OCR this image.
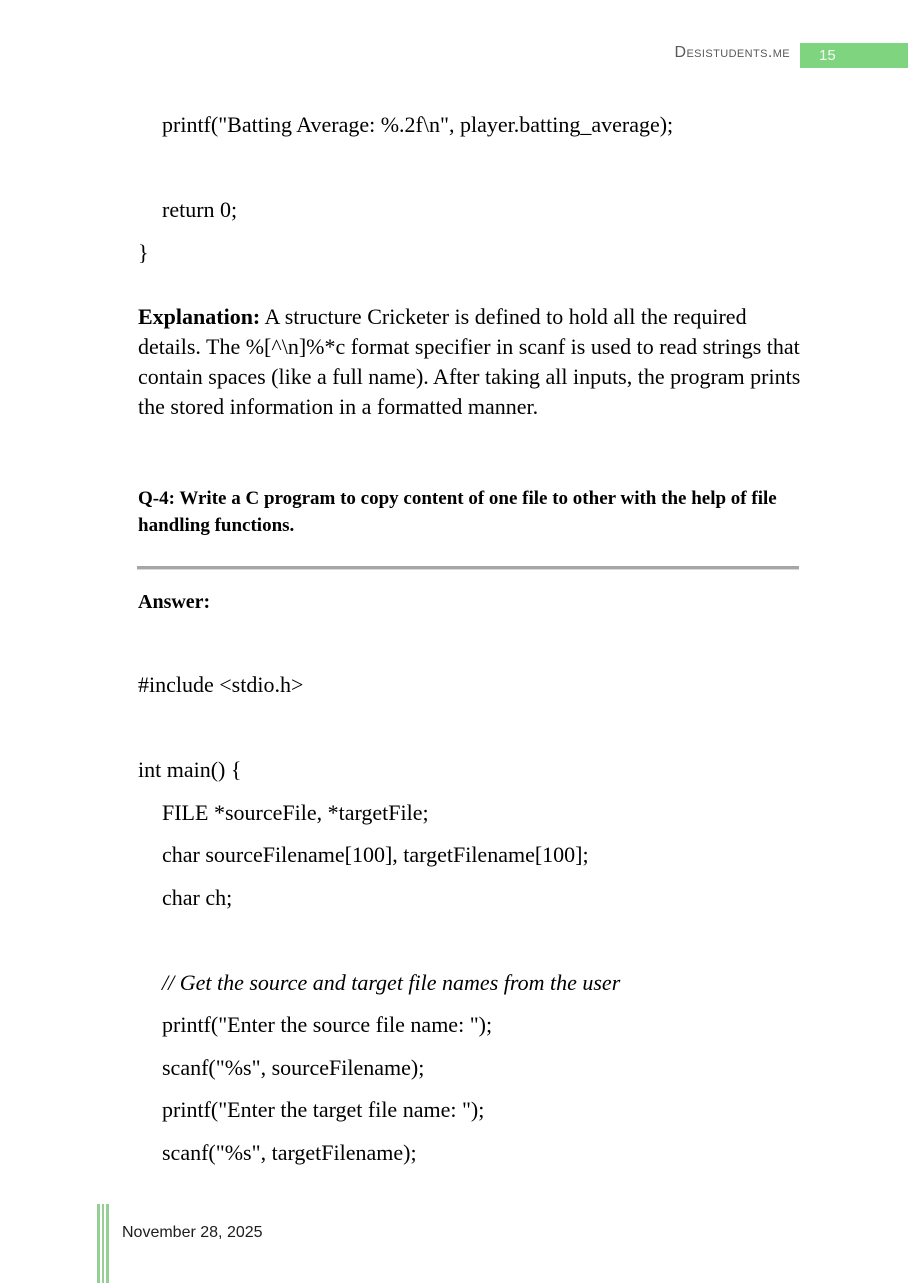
Desistudents.me	15
printf("Batting Average: %.2f\n", player.batting_average);

return 0;
}

Explanation: A structure Cricketer is defined to hold all the required details. The %[^\n]%*c format specifier in scanf is used to read strings that contain spaces (like a full name). After taking all inputs, the program prints the stored information in a formatted manner.

Q-4: Write a C program to copy content of one file to other with the help of file handling functions.
Answer:
#include <stdio.h>

int main() {
FILE *sourceFile, *targetFile;
char sourceFilename[100], targetFilename[100];
char ch;

// Get the source and target file names from the user
printf("Enter the source file name: ");
scanf("%s", sourceFilename);
printf("Enter the target file name: ");
scanf("%s", targetFilename);
November 28, 2025
